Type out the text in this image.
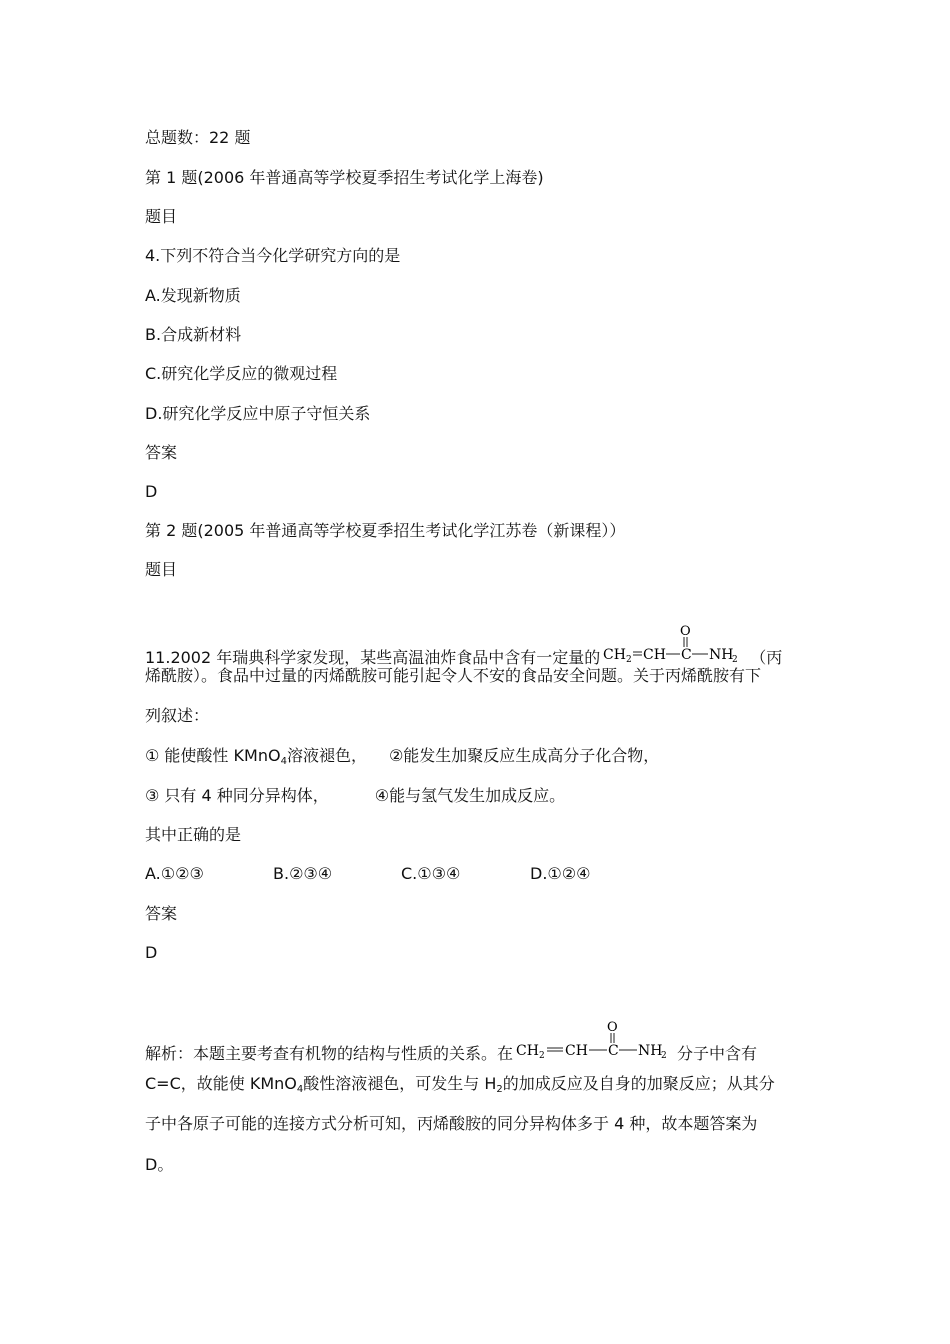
总题数：22 题
第 1 题(2006 年普通高等学校夏季招生考试化学上海卷)
题目
4.下列不符合当今化学研究方向的是
A.发现新物质
B.合成新材料
C.研究化学反应的微观过程
D.研究化学反应中原子守恒关系
答案
D
第 2 题(2005 年普通高等学校夏季招生考试化学江苏卷（新课程））
题目
11.2002 年瑞典科学家发现，某些高温油炸食品中含有一定量的 CH 2 CH C
O
NH
2 （丙
烯酰胺）。食品中过量的丙烯酰胺可能引起令人不安的食品安全问题。关于丙烯酰胺有下
列叙述：
① 能使酸性 KMnO$_4$溶液褪色， ②能发生加聚反应生成高分子化合物，
③ 只有 4 种同分异构体，	④能与氢气发生加成反应。
其中正确的是
A.①②③	B.②③④	C.①③④	D.①②④
答案
D
解析：本题主要考查有机物的结构与性质的关系。在 CH 2 CH C
O
NH
2 分子中含有
C=C，故能使 KMnO$_4$酸性溶液褪色，可发生与 $H_2$的加成反应及自身的加聚反应；从其分
子中各原子可能的连接方式分析可知，丙烯酸胺的同分异构体多于 4 种，故本题答案为
D。
